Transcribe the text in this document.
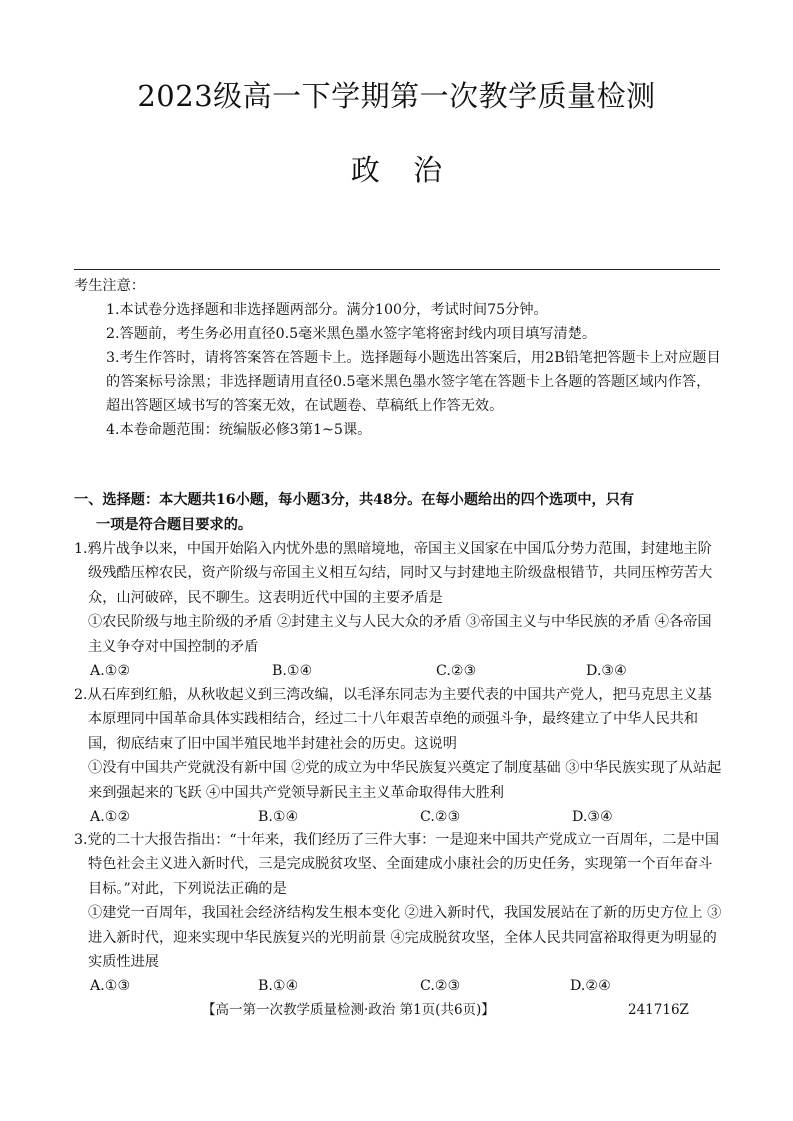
2023级高一下学期第一次教学质量检测
政 治

考生注意：

1.本试卷分选择题和非选择题两部分。满分100分，考试时间75分钟。

2.答题前，考生务必用直径0.5毫米黑色墨水签字笔将密封线内项目填写清楚。

3.考生作答时，请将答案答在答题卡上。选择题每小题选出答案后，用2B铅笔把答题卡上对应题目的答案标号涂黑；非选择题请用直径0.5毫米黑色墨水签字笔在答题卡上各题的答题区域内作答，超出答题区域书写的答案无效，在试题卷、草稿纸上作答无效。

4.本卷命题范围：统编版必修3第1~5课。

一、选择题：本大题共16小题，每小题3分，共48分。在每小题给出的四个选项中，只有
一项是符合题目要求的。

1.鸦片战争以来，中国开始陷入内忧外患的黑暗境地，帝国主义国家在中国瓜分势力范围，封建地主阶级残酷压榨农民，资产阶级与帝国主义相互勾结，同时又与封建地主阶级盘根错节，共同压榨劳苦大众，山河破碎，民不聊生。这表明近代中国的主要矛盾是

①农民阶级与地主阶级的矛盾 ②封建主义与人民大众的矛盾 ③帝国主义与中华民族的矛盾 ④各帝国主义争夺对中国控制的矛盾

A.①②	B.①④	C.②③	D.③④

2.从石库到红船，从秋收起义到三湾改编，以毛泽东同志为主要代表的中国共产党人，把马克思主义基本原理同中国革命具体实践相结合，经过二十八年艰苦卓绝的顽强斗争，最终建立了中华人民共和国，彻底结束了旧中国半殖民地半封建社会的历史。这说明

①没有中国共产党就没有新中国 ②党的成立为中华民族复兴奠定了制度基础 ③中华民族实现了从站起来到强起来的飞跃 ④中国共产党领导新民主主义革命取得伟大胜利

A.①②	B.①④	C.②③	D.③④

3.党的二十大报告指出：“十年来，我们经历了三件大事：一是迎来中国共产党成立一百周年，二是中国特色社会主义进入新时代，三是完成脱贫攻坚、全面建成小康社会的历史任务，实现第一个百年奋斗目标。”对此，下列说法正确的是

①建党一百周年，我国社会经济结构发生根本变化 ②进入新时代，我国发展站在了新的历史方位上 ③进入新时代，迎来实现中华民族复兴的光明前景 ④完成脱贫攻坚，全体人民共同富裕取得更为明显的实质性进展

A.①③	B.①④	C.②③	D.②④
【高一第一次教学质量检测·政治 第1页(共6页)】	241716Z
